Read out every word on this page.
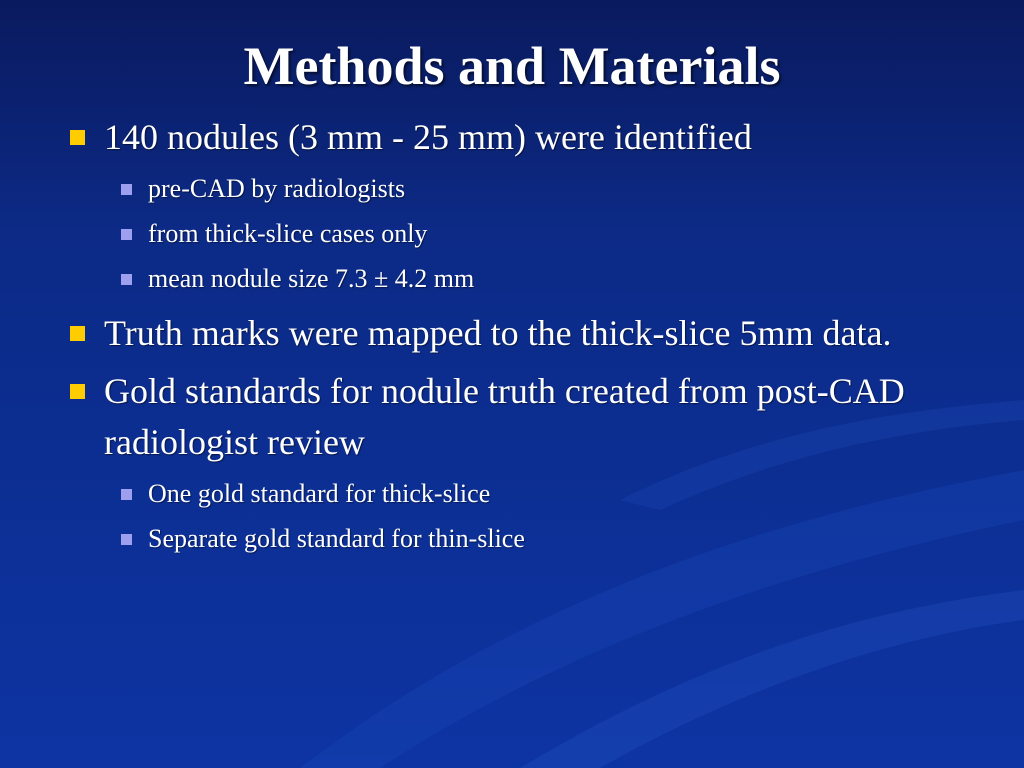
Methods and Materials
140 nodules (3 mm - 25 mm) were identified
pre-CAD by radiologists
from thick-slice cases only
mean nodule size 7.3 ± 4.2 mm
Truth marks were mapped to the thick-slice 5mm data.
Gold standards for nodule truth created from post-CAD radiologist review
One gold standard for thick-slice
Separate gold standard for thin-slice
